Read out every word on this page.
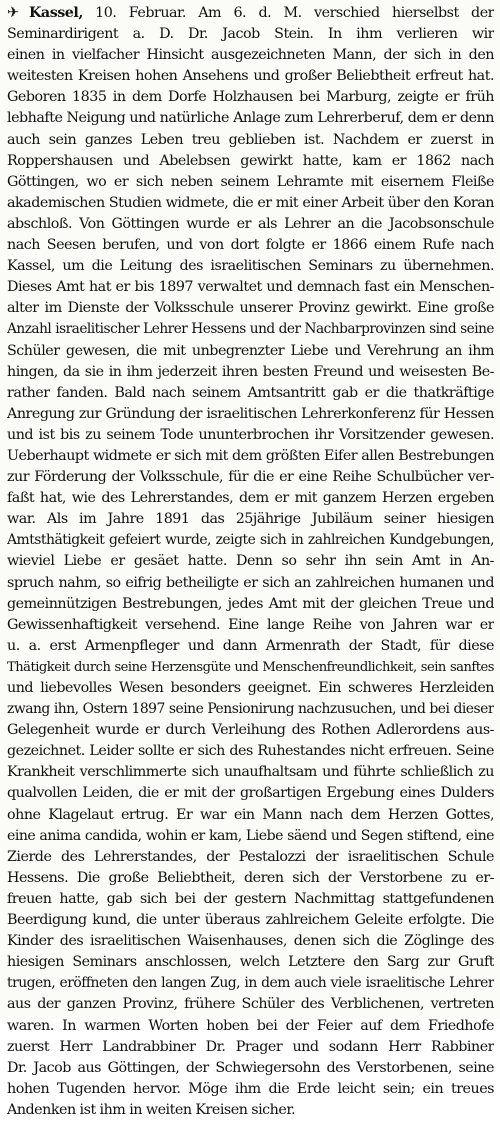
✈ Kassel, 10. Februar. Am 6. d. M. verschied hierselbst der
Seminardirigent a. D. Dr. Jacob Stein. In ihm verlieren wir
einen in vielfacher Hinsicht ausgezeichneten Mann, der sich in den
weitesten Kreisen hohen Ansehens und großer Beliebtheit erfreut hat.
Geboren 1835 in dem Dorfe Holzhausen bei Marburg, zeigte er früh
lebhafte Neigung und natürliche Anlage zum Lehrerberuf, dem er denn
auch sein ganzes Leben treu geblieben ist. Nachdem er zuerst in
Roppershausen und Abelebsen gewirkt hatte, kam er 1862 nach
Göttingen, wo er sich neben seinem Lehramte mit eisernem Fleiße
akademischen Studien widmete, die er mit einer Arbeit über den Koran
abschloß. Von Göttingen wurde er als Lehrer an die Jacobsonschule
nach Seesen berufen, und von dort folgte er 1866 einem Rufe nach
Kassel, um die Leitung des israelitischen Seminars zu übernehmen.
Dieses Amt hat er bis 1897 verwaltet und demnach fast ein Menschen-
alter im Dienste der Volksschule unserer Provinz gewirkt. Eine große
Anzahl israelitischer Lehrer Hessens und der Nachbarprovinzen sind seine
Schüler gewesen, die mit unbegrenzter Liebe und Verehrung an ihm
hingen, da sie in ihm jederzeit ihren besten Freund und weisesten Be-
rather fanden. Bald nach seinem Amtsantritt gab er die thatkräftige
Anregung zur Gründung der israelitischen Lehrerkonferenz für Hessen
und ist bis zu seinem Tode ununterbrochen ihr Vorsitzender gewesen.
Ueberhaupt widmete er sich mit dem größten Eifer allen Bestrebungen
zur Förderung der Volksschule, für die er eine Reihe Schulbücher ver-
faßt hat, wie des Lehrerstandes, dem er mit ganzem Herzen ergeben
war. Als im Jahre 1891 das 25jährige Jubiläum seiner hiesigen
Amtsthätigkeit gefeiert wurde, zeigte sich in zahlreichen Kundgebungen,
wieviel Liebe er gesäet hatte. Denn so sehr ihn sein Amt in An-
spruch nahm, so eifrig betheiligte er sich an zahlreichen humanen und
gemeinnützigen Bestrebungen, jedes Amt mit der gleichen Treue und
Gewissenhaftigkeit versehend. Eine lange Reihe von Jahren war er
u. a. erst Armenpfleger und dann Armenrath der Stadt, für diese
Thätigkeit durch seine Herzensgüte und Menschenfreundlichkeit, sein sanftes
und liebevolles Wesen besonders geeignet. Ein schweres Herzleiden
zwang ihn, Ostern 1897 seine Pensionirung nachzusuchen, und bei dieser
Gelegenheit wurde er durch Verleihung des Rothen Adlerordens aus-
gezeichnet. Leider sollte er sich des Ruhestandes nicht erfreuen. Seine
Krankheit verschlimmerte sich unaufhaltsam und führte schließlich zu
qualvollen Leiden, die er mit der großartigen Ergebung eines Dulders
ohne Klagelaut ertrug. Er war ein Mann nach dem Herzen Gottes,
eine anima candida, wohin er kam, Liebe säend und Segen stiftend, eine
Zierde des Lehrerstandes, der Pestalozzi der israelitischen Schule
Hessens. Die große Beliebtheit, deren sich der Verstorbene zu er-
freuen hatte, gab sich bei der gestern Nachmittag stattgefundenen
Beerdigung kund, die unter überaus zahlreichem Geleite erfolgte. Die
Kinder des israelitischen Waisenhauses, denen sich die Zöglinge des
hiesigen Seminars anschlossen, welch Letztere den Sarg zur Gruft
trugen, eröffneten den langen Zug, in dem auch viele israelitische Lehrer
aus der ganzen Provinz, frühere Schüler des Verblichenen, vertreten
waren. In warmen Worten hoben bei der Feier auf dem Friedhofe
zuerst Herr Landrabbiner Dr. Prager und sodann Herr Rabbiner
Dr. Jacob aus Göttingen, der Schwiegersohn des Verstorbenen, seine
hohen Tugenden hervor. Möge ihm die Erde leicht sein; ein treues
Andenken ist ihm in weiten Kreisen sicher.
